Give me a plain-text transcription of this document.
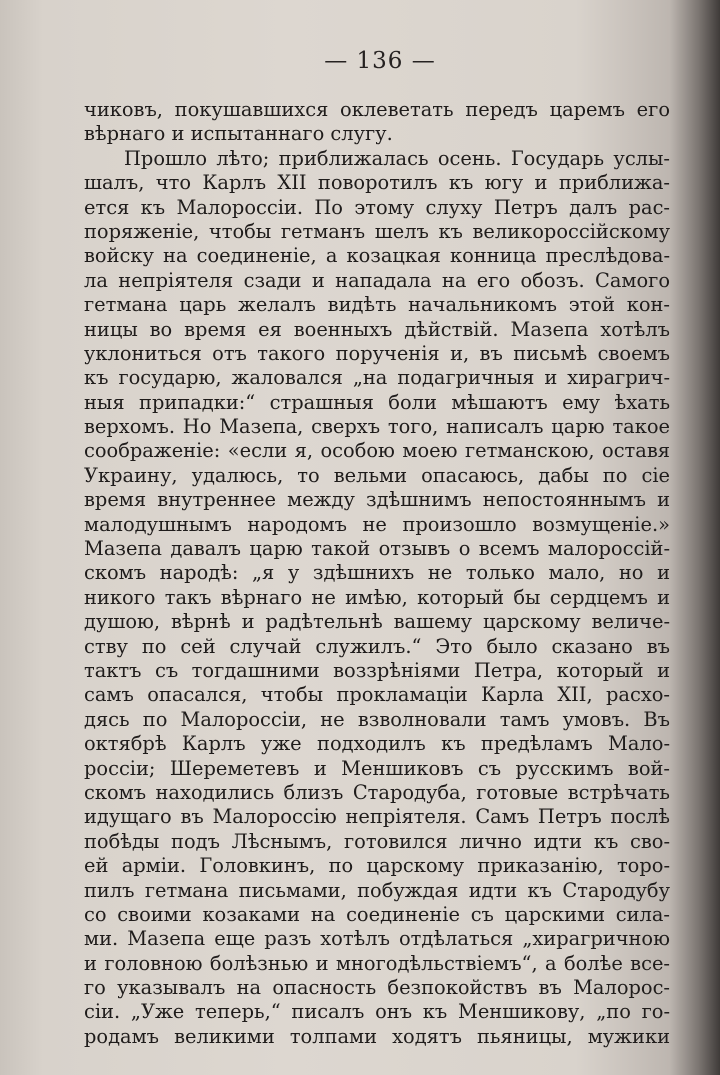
— 136 —
чиковъ, покушавшихся оклеветать передъ царемъ его
вѣрнаго и испытаннаго слугу.
Прошло лѣто; приближалась осень. Государь услы-
шалъ, что Карлъ XII поворотилъ къ югу и приближа-
ется къ Малороссіи. По этому слуху Петръ далъ рас-
поряженіе, чтобы гетманъ шелъ къ великороссійскому
войску на соединеніе, а козацкая конница преслѣдова-
ла непріятеля сзади и нападала на его обозъ. Самого
гетмана царь желалъ видѣть начальникомъ этой кон-
ницы во время ея военныхъ дѣйствій. Мазепа хотѣлъ
уклониться отъ такого порученія и, въ письмѣ своемъ
къ государю, жаловался „на подагричныя и хирагрич-
ныя припадки:“ страшныя боли мѣшаютъ ему ѣхать
верхомъ. Но Мазепа, сверхъ того, написалъ царю такое
соображеніе: «если я, особою моею гетманскою, оставя
Украину, удалюсь, то вельми опасаюсь, дабы по сіе
время внутреннее между здѣшнимъ непостояннымъ и
малодушнымъ народомъ не произошло возмущеніе.»
Мазепа давалъ царю такой отзывъ о всемъ малороссій-
скомъ народѣ: „я у здѣшнихъ не только мало, но и
никого такъ вѣрнаго не имѣю, который бы сердцемъ и
душою, вѣрнѣ и радѣтельнѣ вашему царскому величе-
ству по сей случай служилъ.“ Это было сказано въ
тактъ съ тогдашними воззрѣніями Петра, который и
самъ опасался, чтобы прокламаціи Карла XII, расхо-
дясь по Малороссіи, не взволновали тамъ умовъ. Въ
октябрѣ Карлъ уже подходилъ къ предѣламъ Мало-
россіи; Шереметевъ и Меншиковъ съ русскимъ вой-
скомъ находились близъ Стародуба, готовые встрѣчать
идущаго въ Малороссію непріятеля. Самъ Петръ послѣ
побѣды подъ Лѣснымъ, готовился лично идти къ сво-
ей арміи. Головкинъ, по царскому приказанію, торо-
пилъ гетмана письмами, побуждая идти къ Стародубу
со своими козаками на соединеніе съ царскими сила-
ми. Мазепа еще разъ хотѣлъ отдѣлаться „хирагричною
и головною болѣзнью и многодѣльствіемъ“, а болѣе все-
го указывалъ на опасность безпокойствъ въ Малорос-
сіи. „Уже теперь,“ писалъ онъ къ Меншикову, „по го-
родамъ великими толпами ходятъ пьяницы, мужики
